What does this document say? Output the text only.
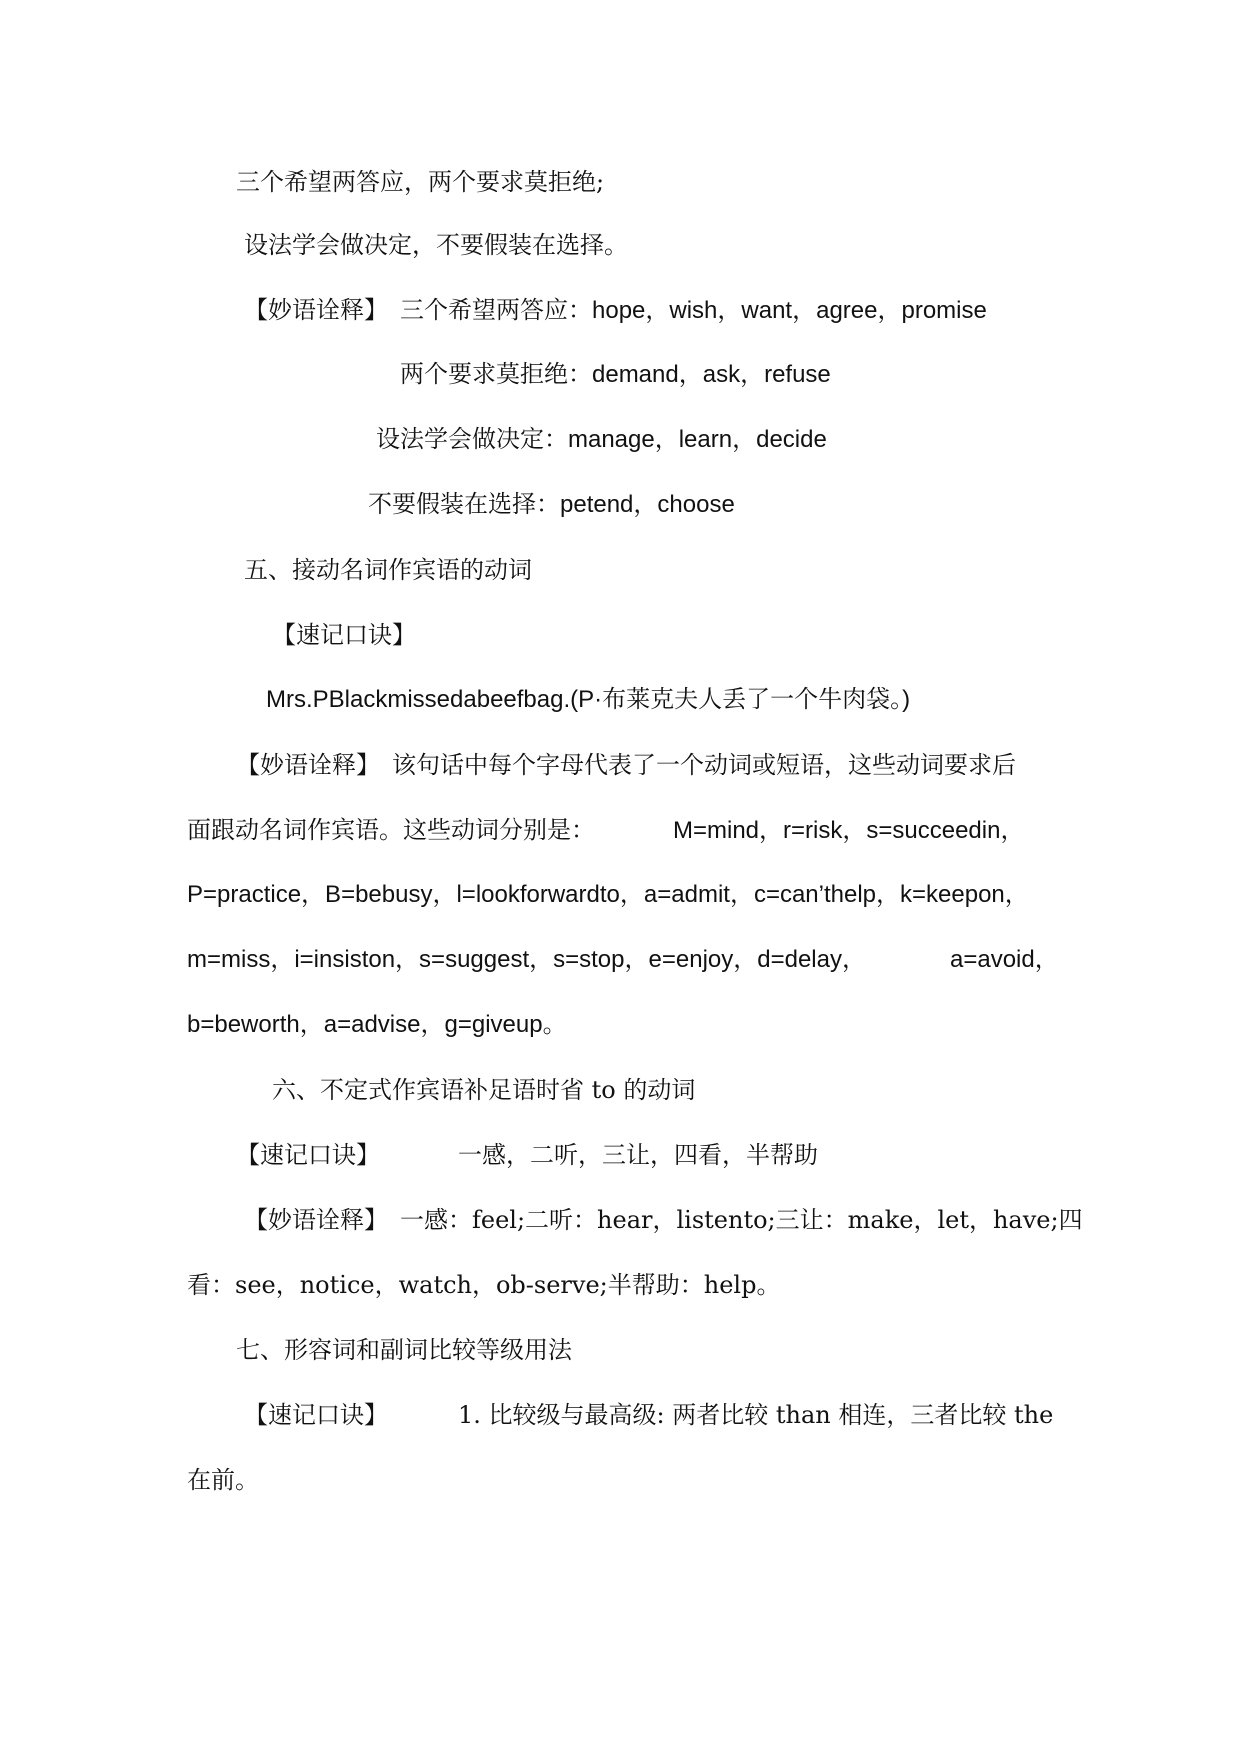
三个希望两答应，两个要求莫拒绝;
设法学会做决定，不要假装在选择。
【妙语诠释】 三个希望两答应：hope，wish，want，agree，promise
两个要求莫拒绝：demand，ask，refuse
设法学会做决定：manage，learn，decide
不要假装在选择：petend，choose
五、接动名词作宾语的动词
【速记口诀】
Mrs.PBlackmissedabeefbag.(P·布莱克夫人丢了一个牛肉袋。)
【妙语诠释】 该句话中每个字母代表了一个动词或短语，这些动词要求后
面跟动名词作宾语。这些动词分别是：	M=mind，r=risk，s=succeedin，
P=practice，B=bebusy，l=lookforwardto，a=admit，c=can’thelp，k=keepon，
m=miss，i=insiston，s=suggest，s=stop，e=enjoy，d=delay，	a=avoid，
b=beworth，a=advise，g=giveup。
六、不定式作宾语补足语时省 to 的动词
【速记口诀】	一感，二听，三让，四看，半帮助
【妙语诠释】 一感：feel;二听：hear，listento;三让：make，let，have;四
看：see，notice，watch，ob-serve;半帮助：help。
七、形容词和副词比较等级用法
【速记口诀】	1. 比较级与最高级: 两者比较 than 相连，三者比较 the
在前。
